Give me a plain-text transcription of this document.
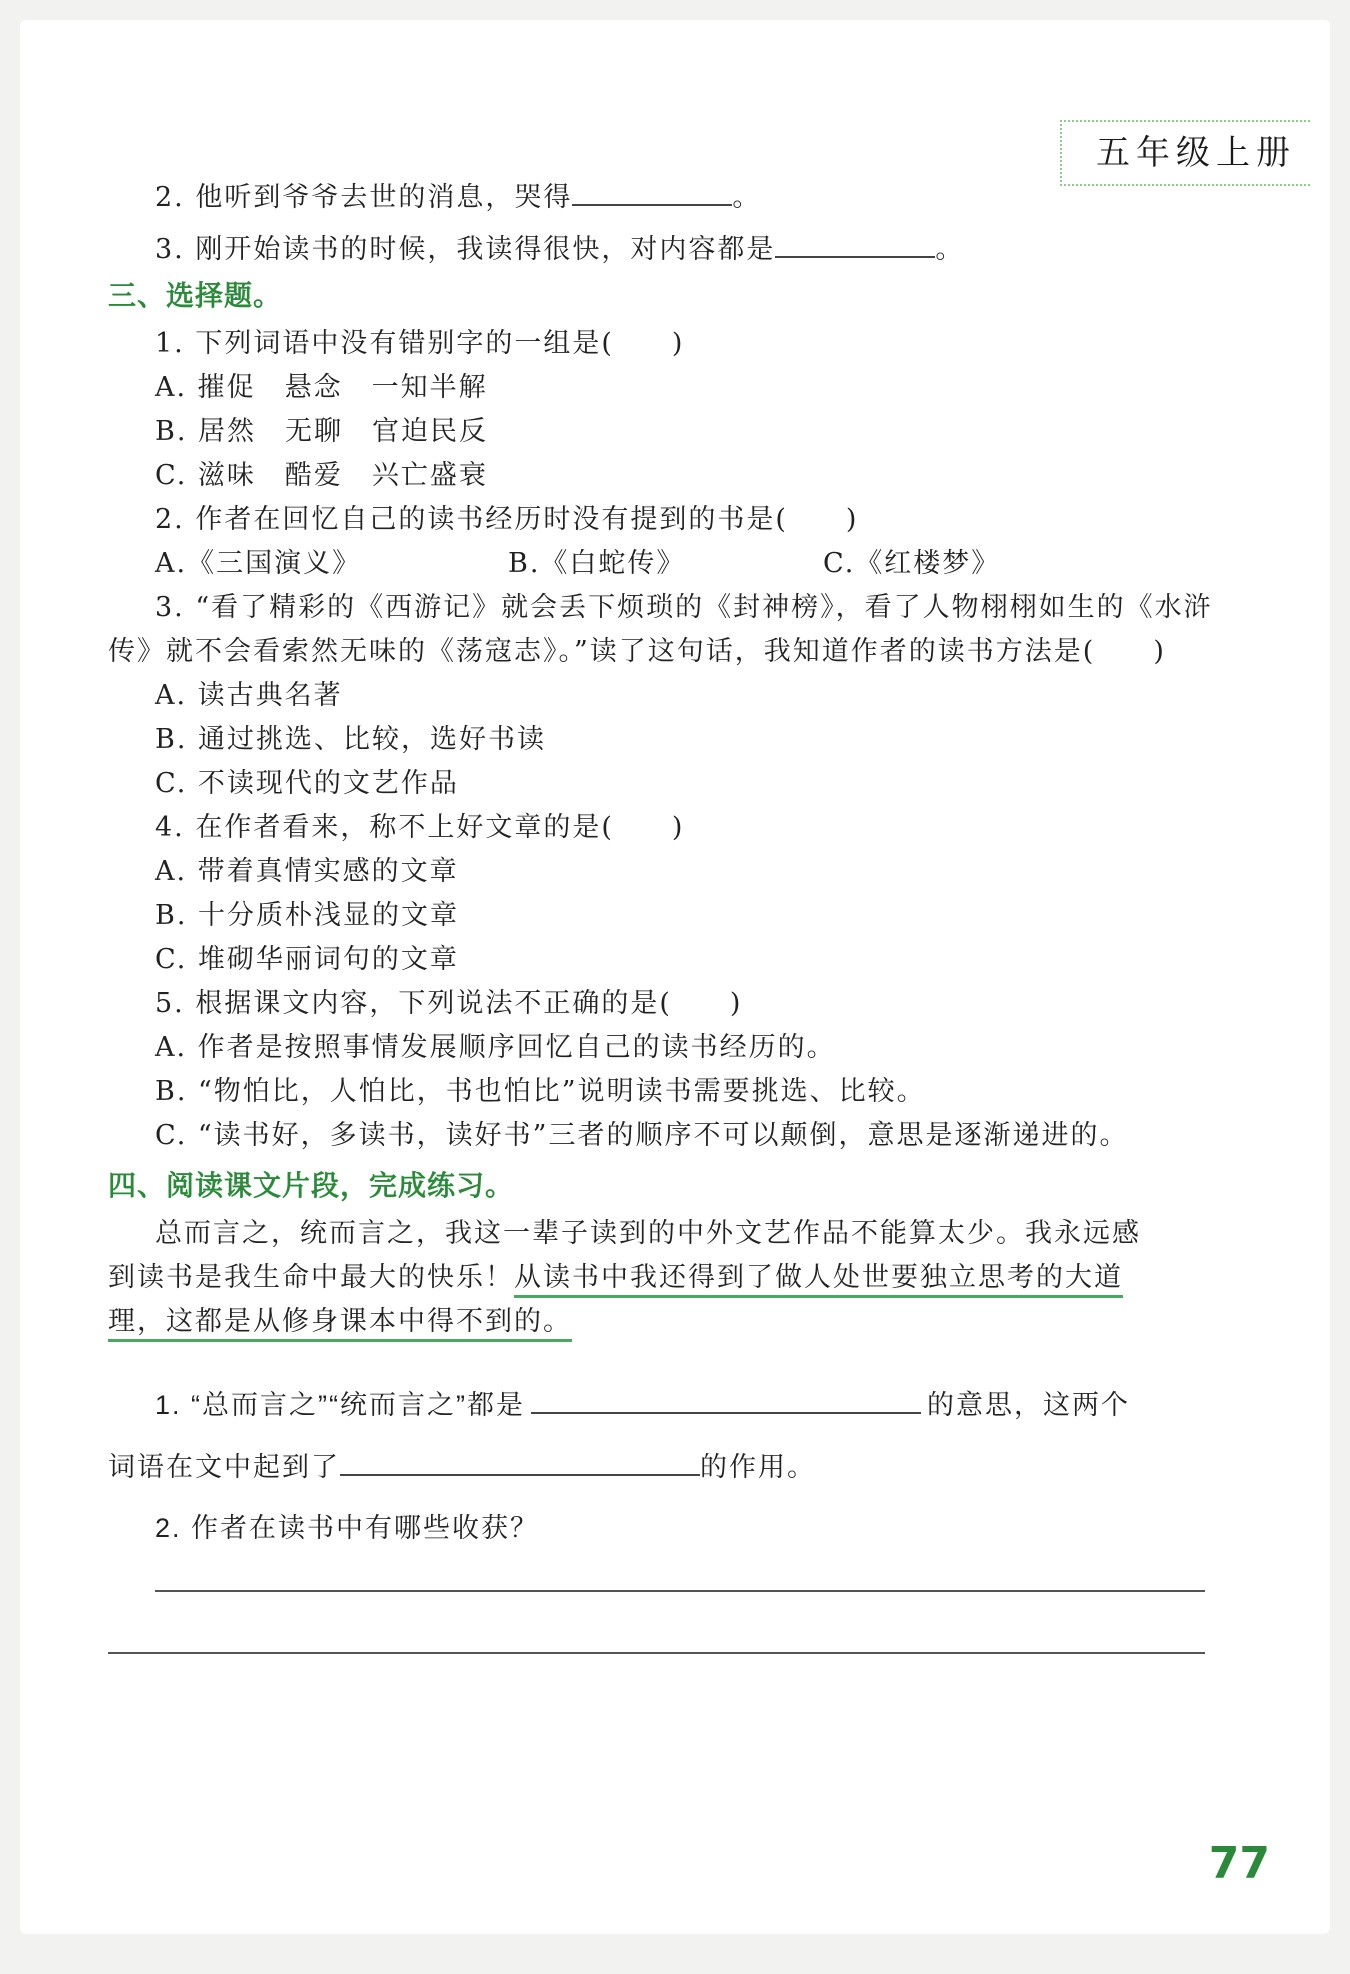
五年级上册
2. 他听到爷爷去世的消息，哭得	。
3. 刚开始读书的时候，我读得很快，对内容都是	。
三、选择题。
1. 下列词语中没有错别字的一组是(　　)
A. 摧促　悬念　一知半解
B. 居然　无聊　官迫民反
C. 滋味　酷爱　兴亡盛衰
2. 作者在回忆自己的读书经历时没有提到的书是(　　)
A.《三国演义》	B.《白蛇传》	C.《红楼梦》
3. “看了精彩的《西游记》就会丢下烦琐的《封神榜》，看了人物栩栩如生的《水浒
传》就不会看索然无味的《荡寇志》。”读了这句话，我知道作者的读书方法是(　　)
A. 读古典名著
B. 通过挑选、比较，选好书读
C. 不读现代的文艺作品
4. 在作者看来，称不上好文章的是(　　)
A. 带着真情实感的文章
B. 十分质朴浅显的文章
C. 堆砌华丽词句的文章
5. 根据课文内容，下列说法不正确的是(　　)
A. 作者是按照事情发展顺序回忆自己的读书经历的。
B. “物怕比，人怕比，书也怕比”说明读书需要挑选、比较。
C. “读书好，多读书，读好书”三者的顺序不可以颠倒，意思是逐渐递进的。
四、阅读课文片段，完成练习。
总而言之，统而言之，我这一辈子读到的中外文艺作品不能算太少。我永远感
到读书是我生命中最大的快乐！从读书中我还得到了做人处世要独立思考的大道
理，这都是从修身课本中得不到的。
1. “总而言之”“统而言之”都是	的意思，这两个
词语在文中起到了	的作用。
2. 作者在读书中有哪些收获？
77
